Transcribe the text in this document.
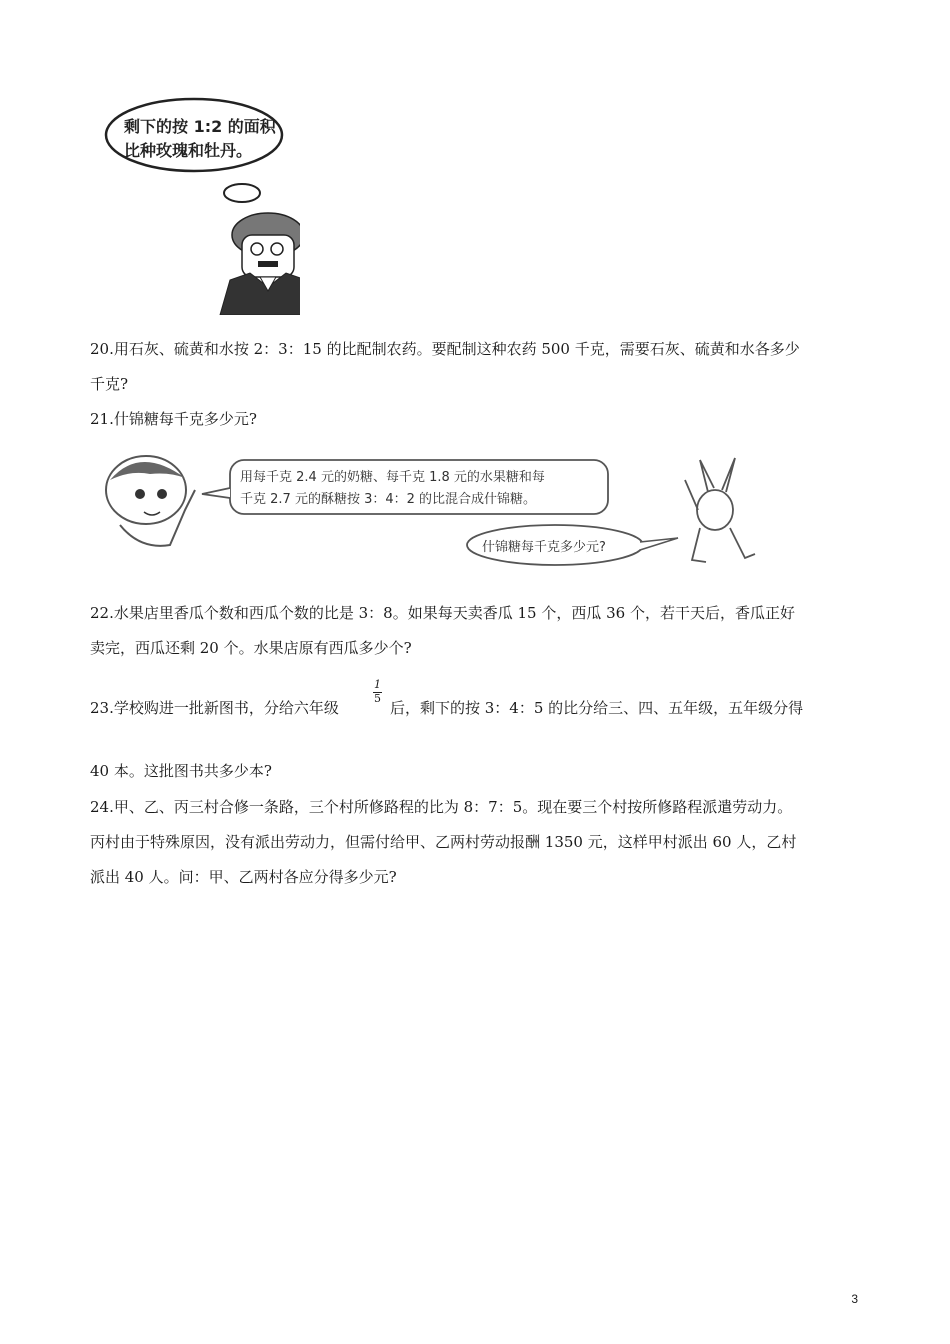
剩下的按 1:2 的面积
比种玫瑰和牡丹。
20.用石灰、硫黄和水按 2：3：15 的比配制农药。要配制这种农药 500 千克，需要石灰、硫黄和水各多少
千克?
21.什锦糖每千克多少元?
用每千克 2.4 元的奶糖、每千克 1.8 元的水果糖和每
千克 2.7 元的酥糖按 3：4：2 的比混合成什锦糖。
什锦糖每千克多少元?
22.水果店里香瓜个数和西瓜个数的比是 3：8。如果每天卖香瓜 15 个，西瓜 36 个，若干天后，香瓜正好
卖完，西瓜还剩 20 个。水果店原有西瓜多少个?
23.学校购进一批新图书，分给六年级
1
5
后，剩下的按 3：4：5 的比分给三、四、五年级，五年级分得
40 本。这批图书共多少本?
24.甲、乙、丙三村合修一条路，三个村所修路程的比为 8：7：5。现在要三个村按所修路程派遣劳动力。
丙村由于特殊原因，没有派出劳动力，但需付给甲、乙两村劳动报酬 1350 元，这样甲村派出 60 人，乙村
派出 40 人。问：甲、乙两村各应分得多少元?
3
